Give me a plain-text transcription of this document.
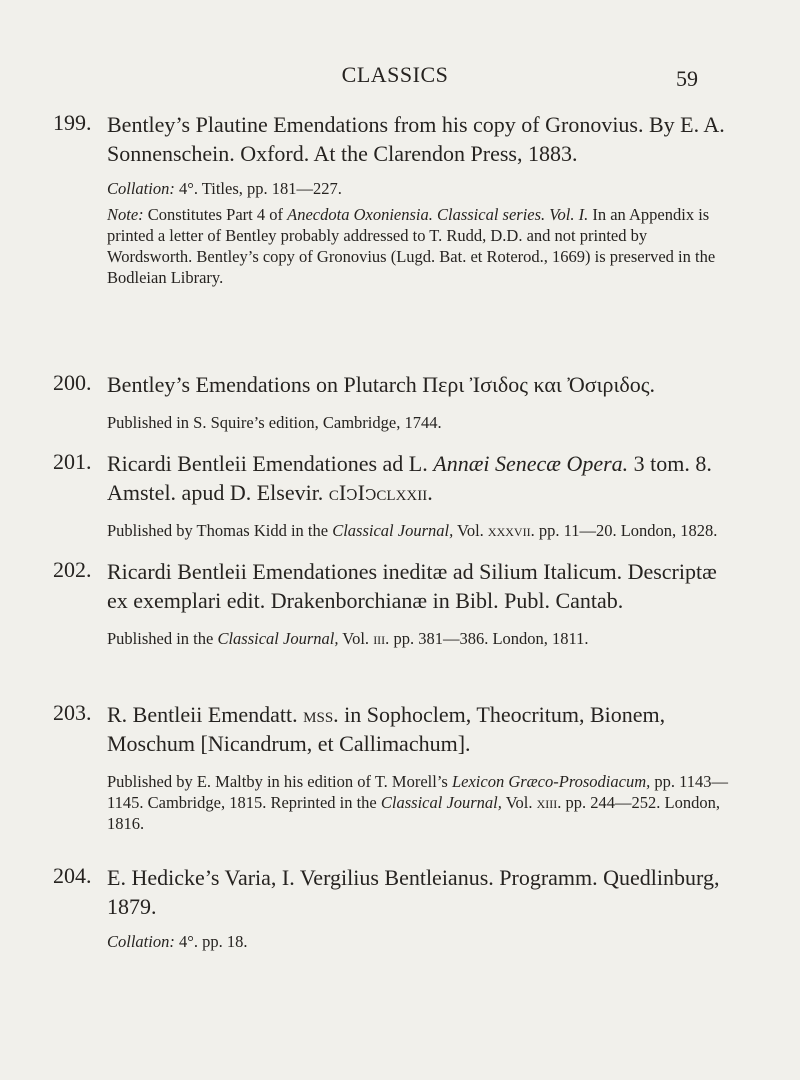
CLASSICS	59
199. Bentley’s Plautine Emendations from his copy of Gronovius. By E. A. Sonnenschein. Oxford. At the Clarendon Press, 1883.

Collation: 4°. Titles, pp. 181—227.

Note: Constitutes Part 4 of Anecdota Oxoniensia. Classical series. Vol. I. In an Appendix is printed a letter of Bentley probably addressed to T. Rudd, D.D. and not printed by Wordsworth. Bentley’s copy of Gronovius (Lugd. Bat. et Roterod., 1669) is preserved in the Bodleian Library.

200. Bentley’s Emendations on Plutarch Περι Ἰσιδος και Ὀσιριδος.

Published in S. Squire’s edition, Cambridge, 1744.

201. Ricardi Bentleii Emendationes ad L. Annæi Senecæ Opera. 3 tom. 8. Amstel. apud D. Elsevir. cIↄIↄclxxii.

Published by Thomas Kidd in the Classical Journal, Vol. xxxvii. pp. 11—20. London, 1828.

202. Ricardi Bentleii Emendationes ineditæ ad Silium Italicum. Descriptæ ex exemplari edit. Drakenborchianæ in Bibl. Publ. Cantab.

Published in the Classical Journal, Vol. iii. pp. 381—386. London, 1811.

203. R. Bentleii Emendatt. mss. in Sophoclem, Theocritum, Bionem, Moschum [Nicandrum, et Callimachum].

Published by E. Maltby in his edition of T. Morell’s Lexicon Græco-Prosodiacum, pp. 1143—1145. Cambridge, 1815. Reprinted in the Classical Journal, Vol. xiii. pp. 244—252. London, 1816.

204. E. Hedicke’s Varia, I. Vergilius Bentleianus. Programm. Quedlinburg, 1879.

Collation: 4°. pp. 18.
